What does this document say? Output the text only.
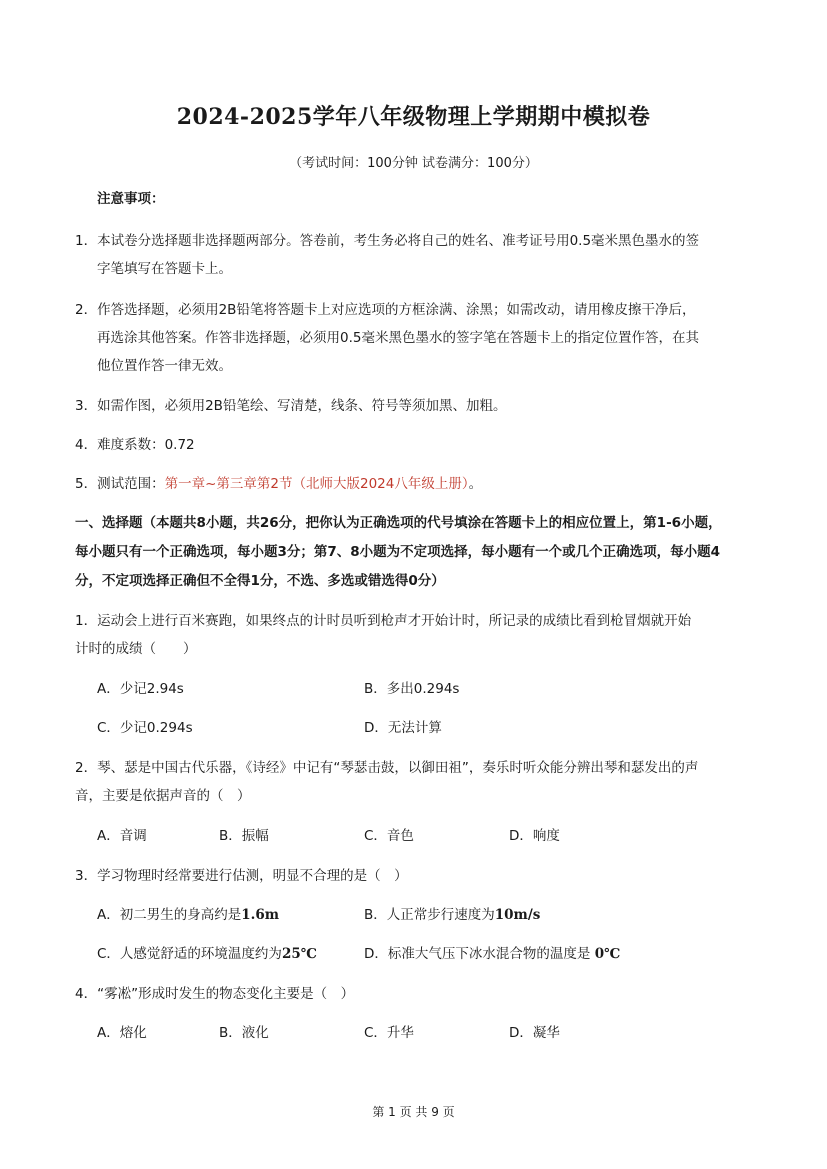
2024-2025学年八年级物理上学期期中模拟卷
（考试时间：100分钟 试卷满分：100分）
注意事项：
1．本试卷分选择题非选择题两部分。答卷前，考生务必将自己的姓名、准考证号用0.5毫米黑色墨水的签
字笔填写在答题卡上。
2．作答选择题，必须用2B铅笔将答题卡上对应选项的方框涂满、涂黑；如需改动，请用橡皮擦干净后，
再选涂其他答案。作答非选择题，必须用0.5毫米黑色墨水的签字笔在答题卡上的指定位置作答，在其
他位置作答一律无效。
3．如需作图，必须用2B铅笔绘、写清楚，线条、符号等须加黑、加粗。
4．难度系数：0.72
5．测试范围：第一章~第三章第2节（北师大版2024八年级上册）。
一、选择题（本题共8小题，共26分，把你认为正确选项的代号填涂在答题卡上的相应位置上，第1-6小题，
每小题只有一个正确选项，每小题3分；第7、8小题为不定项选择，每小题有一个或几个正确选项，每小题4
分，不定项选择正确但不全得1分，不选、多选或错选得0分）
1．运动会上进行百米赛跑，如果终点的计时员听到枪声才开始计时，所记录的成绩比看到枪冒烟就开始
计时的成绩（　　）
A．少记2.94s	B．多出0.294s
C．少记0.294s	D．无法计算
2．琴、瑟是中国古代乐器，《诗经》中记有“琴瑟击鼓，以御田祖”，奏乐时听众能分辨出琴和瑟发出的声
音，主要是依据声音的（　）
A．音调	B．振幅	C．音色	D．响度
3．学习物理时经常要进行估测，明显不合理的是（　）
A．初二男生的身高约是1.6m	B．人正常步行速度为10m/s
C．人感觉舒适的环境温度约为25℃	D．标准大气压下冰水混合物的温度是 0℃
4．“雾凇”形成时发生的物态变化主要是（　）
A．熔化	B．液化	C．升华	D．凝华
第 1 页 共 9 页
